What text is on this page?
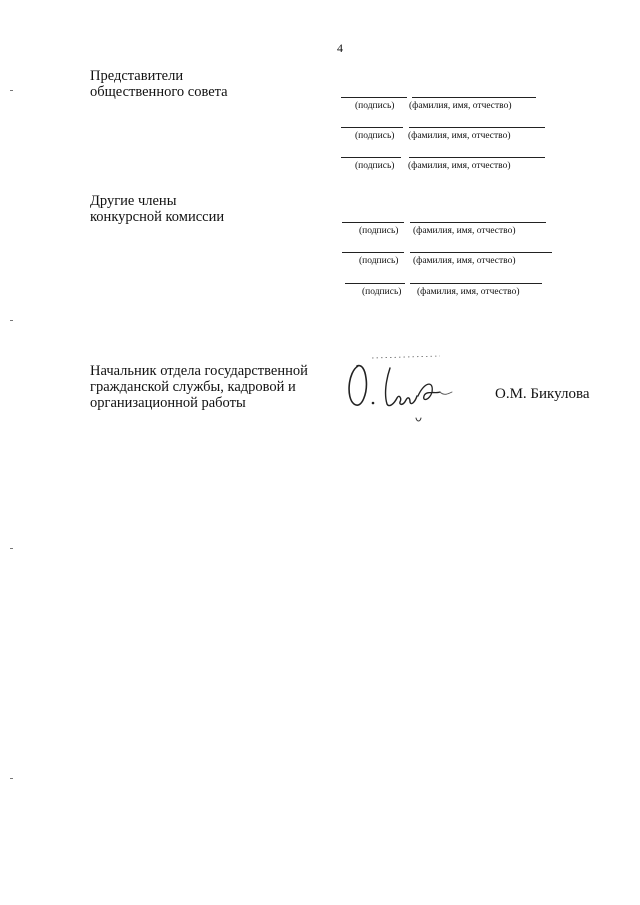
4
Представители
общественного совета
(подпись) (фамилия, имя, отчество)
(подпись) (фамилия, имя, отчество)
(подпись) (фамилия, имя, отчество)
Другие члены
конкурсной комиссии
(подпись) (фамилия, имя, отчество)
(подпись) (фамилия, имя, отчество)
(подпись) (фамилия, имя, отчество)
Начальник отдела государственной
гражданской службы, кадровой и
организационной работы
О.М. Бикулова
